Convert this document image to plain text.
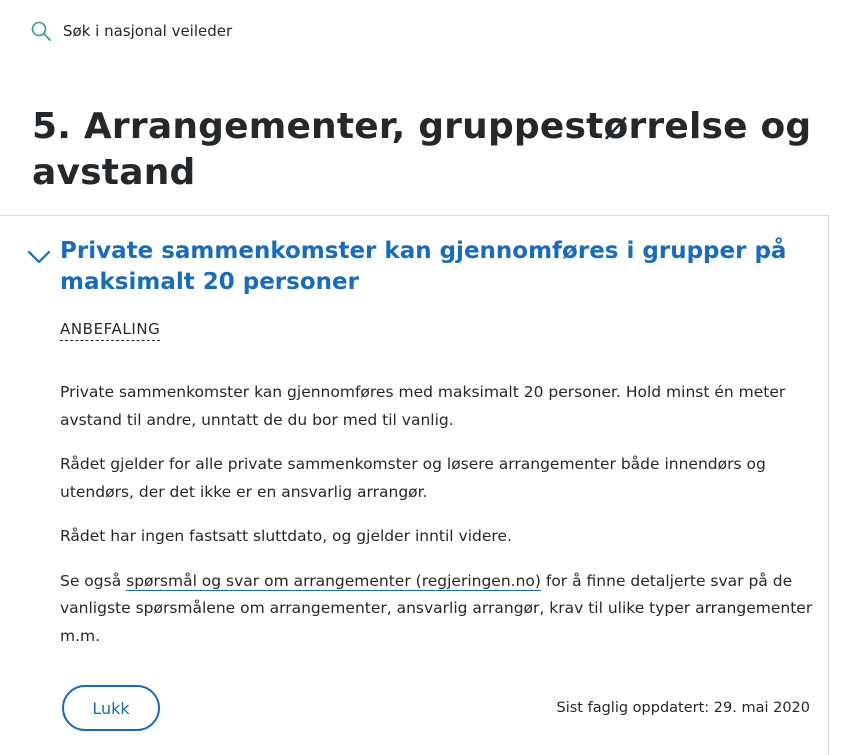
Søk i nasjonal veileder
5. Arrangementer, gruppestørrelse og avstand
Private sammenkomster kan gjennomføres i grupper på maksimalt 20 personer
ANBEFALING

Private sammenkomster kan gjennomføres med maksimalt 20 personer. Hold minst én meter avstand til andre, unntatt de du bor med til vanlig.

Rådet gjelder for alle private sammenkomster og løsere arrangementer både innendørs og utendørs, der det ikke er en ansvarlig arrangør.

Rådet har ingen fastsatt sluttdato, og gjelder inntil videre.

Se også spørsmål og svar om arrangementer (regjeringen.no) for å finne detaljerte svar på de vanligste spørsmålene om arrangementer, ansvarlig arrangør, krav til ulike typer arrangementer m.m.

Lukk	Sist faglig oppdatert: 29. mai 2020
